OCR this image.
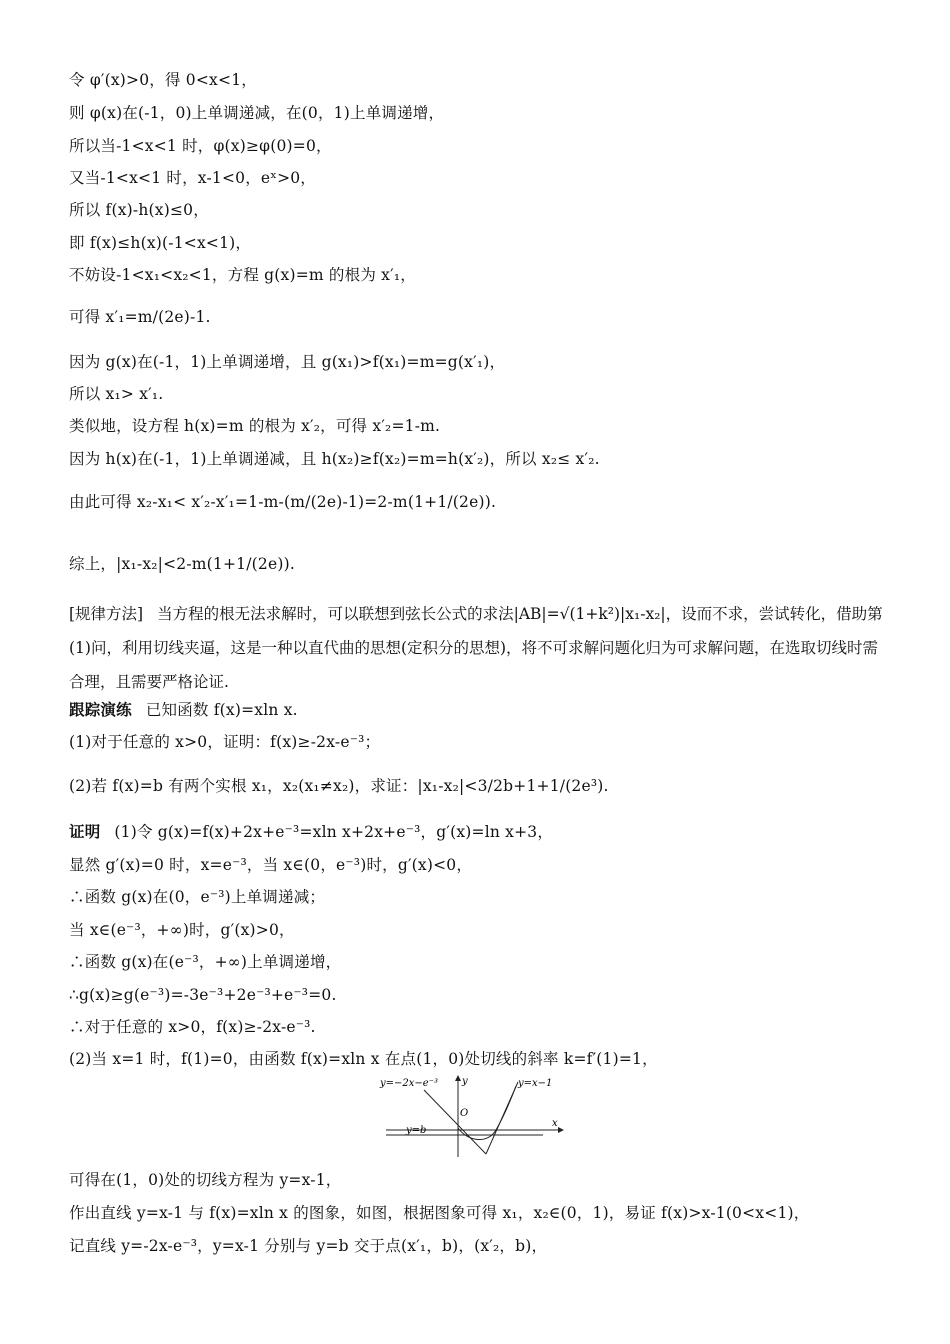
令 φ′(x)>0，得 0<x<1，
则 φ(x)在(-1，0)上单调递减，在(0，1)上单调递增，
所以当-1<x<1 时，φ(x)≥φ(0)=0，
又当-1<x<1 时，x-1<0，eˣ>0，
所以 f(x)-h(x)≤0，
即 f(x)≤h(x)(-1<x<1)，
不妨设-1<x₁<x₂<1，方程 g(x)=m 的根为 x′₁，
可得 x′₁=m/(2e)-1.
因为 g(x)在(-1，1)上单调递增，且 g(x₁)>f(x₁)=m=g(x′₁)，
所以 x₁> x′₁.
类似地，设方程 h(x)=m 的根为 x′₂，可得 x′₂=1-m.
因为 h(x)在(-1，1)上单调递减，且 h(x₂)≥f(x₂)=m=h(x′₂)，所以 x₂≤ x′₂.
由此可得 x₂-x₁< x′₂-x′₁=1-m-(m/(2e)-1)=2-m(1+1/(2e)).
综上，|x₁-x₂|<2-m(1+1/(2e)).
[规律方法] 当方程的根无法求解时，可以联想到弦长公式的求法|AB|=√(1+k²)|x₁-x₂|，设而不求，尝试转化，借助第(1)问，利用切线夹逼，这是一种以直代曲的思想(定积分的思想)，将不可求解问题化归为可求解问题，在选取切线时需合理，且需要严格论证.
跟踪演练 已知函数 f(x)=xln x.
(1)对于任意的 x>0，证明：f(x)≥-2x-e⁻³；
(2)若 f(x)=b 有两个实根 x₁，x₂(x₁≠x₂)，求证：|x₁-x₂|<3/2b+1+1/(2e³).
证明 (1)令 g(x)=f(x)+2x+e⁻³=xln x+2x+e⁻³，g′(x)=ln x+3，
显然 g′(x)=0 时，x=e⁻³，当 x∈(0，e⁻³)时，g′(x)<0，
∴函数 g(x)在(0，e⁻³)上单调递减；
当 x∈(e⁻³，+∞)时，g′(x)>0，
∴函数 g(x)在(e⁻³，+∞)上单调递增，
∴g(x)≥g(e⁻³)=-3e⁻³+2e⁻³+e⁻³=0.
∴对于任意的 x>0，f(x)≥-2x-e⁻³.
(2)当 x=1 时，f(1)=0，由函数 f(x)=xln x 在点(1，0)处切线的斜率 k=f′(1)=1，
y=−2x−e⁻³	y=x−1
y=b
O
x
y
可得在(1，0)处的切线方程为 y=x-1，
作出直线 y=x-1 与 f(x)=xln x 的图象，如图，根据图象可得 x₁，x₂∈(0，1)，易证 f(x)>x-1(0<x<1)，
记直线 y=-2x-e⁻³，y=x-1 分别与 y=b 交于点(x′₁，b)，(x′₂，b)，
